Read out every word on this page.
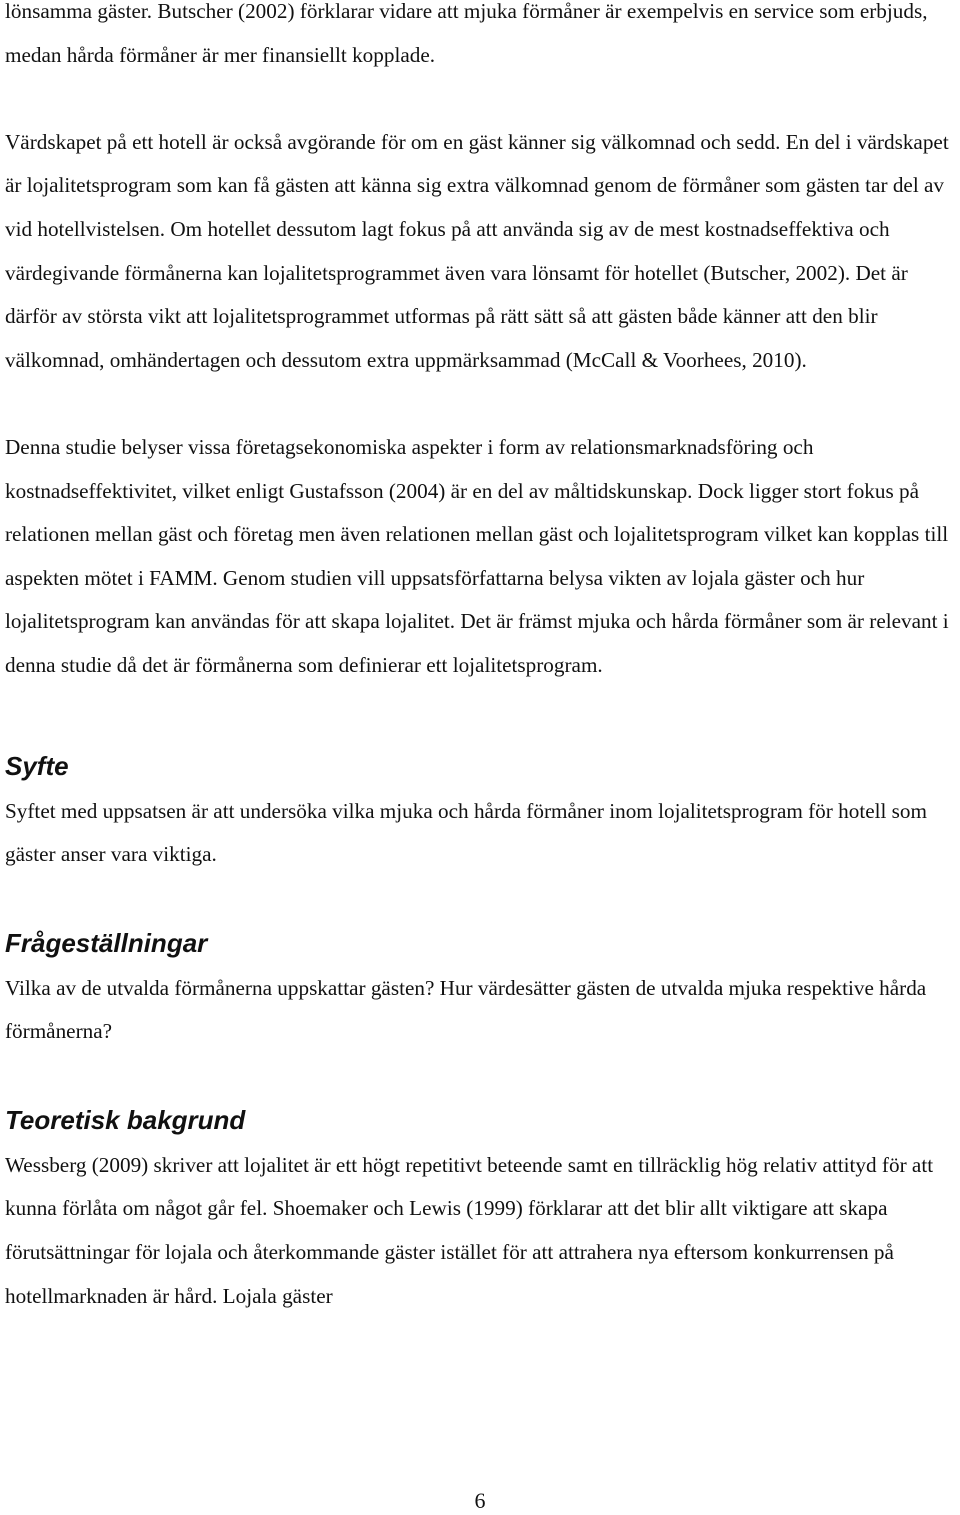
lönsamma gäster. Butscher (2002) förklarar vidare att mjuka förmåner är exempelvis en service som erbjuds, medan hårda förmåner är mer finansiellt kopplade.

Värdskapet på ett hotell är också avgörande för om en gäst känner sig välkomnad och sedd. En del i värdskapet är lojalitetsprogram som kan få gästen att känna sig extra välkomnad genom de förmåner som gästen tar del av vid hotellvistelsen. Om hotellet dessutom lagt fokus på att använda sig av de mest kostnadseffektiva och värdegivande förmånerna kan lojalitetsprogrammet även vara lönsamt för hotellet (Butscher, 2002). Det är därför av största vikt att lojalitetsprogrammet utformas på rätt sätt så att gästen både känner att den blir välkomnad, omhändertagen och dessutom extra uppmärksammad (McCall & Voorhees, 2010).

Denna studie belyser vissa företagsekonomiska aspekter i form av relationsmarknadsföring och kostnadseffektivitet, vilket enligt Gustafsson (2004) är en del av måltidskunskap. Dock ligger stort fokus på relationen mellan gäst och företag men även relationen mellan gäst och lojalitetsprogram vilket kan kopplas till aspekten mötet i FAMM. Genom studien vill uppsatsförfattarna belysa vikten av lojala gäster och hur lojalitetsprogram kan användas för att skapa lojalitet. Det är främst mjuka och hårda förmåner som är relevant i denna studie då det är förmånerna som definierar ett lojalitetsprogram.

Syfte

Syftet med uppsatsen är att undersöka vilka mjuka och hårda förmåner inom lojalitetsprogram för hotell som gäster anser vara viktiga.

Frågeställningar

Vilka av de utvalda förmånerna uppskattar gästen? Hur värdesätter gästen de utvalda mjuka respektive hårda förmånerna?

Teoretisk bakgrund

Wessberg (2009) skriver att lojalitet är ett högt repetitivt beteende samt en tillräcklig hög relativ attityd för att kunna förlåta om något går fel. Shoemaker och Lewis (1999) förklarar att det blir allt viktigare att skapa förutsättningar för lojala och återkommande gäster istället för att attrahera nya eftersom konkurrensen på hotellmarknaden är hård. Lojala gäster

6
